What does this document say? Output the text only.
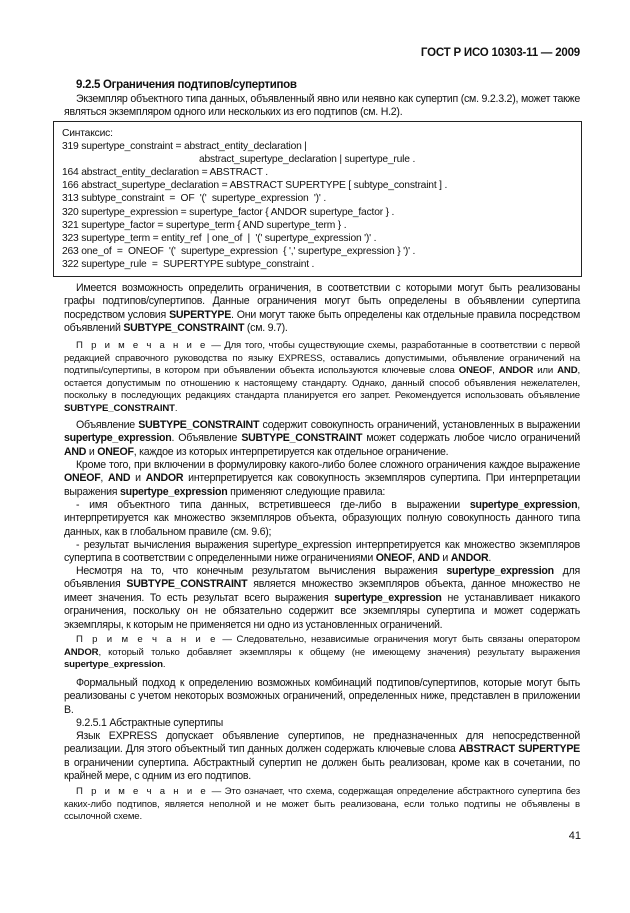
ГОСТ Р ИСО 10303-11 — 2009
9.2.5 Ограничения подтипов/супертипов
Экземпляр объектного типа данных, объявленный явно или неявно как супертип (см. 9.2.3.2), может также являться экземпляром одного или нескольких из его подтипов (см. Н.2).
Синтаксис:
319 supertype_constraint = abstract_entity_declaration |
abstract_supertype_declaration | supertype_rule .
164 abstract_entity_declaration = ABSTRACT .
166 abstract_supertype_declaration = ABSTRACT SUPERTYPE [ subtype_constraint ] .
313 subtype_constraint  =  OF  '('  supertype_expression  ')' .
320 supertype_expression = supertype_factor { ANDOR supertype_factor } .
321 supertype_factor = supertype_term { AND supertype_term } .
323 supertype_term = entity_ref  | one_of  |  '(' supertype_expression ')' .
263 one_of  =  ONEOF  '('  supertype_expression  { ',' supertype_expression } ')' .
322 supertype_rule  =  SUPERTYPE subtype_constraint .
Имеется возможность определить ограничения, в соответствии с которыми могут быть реализованы графы подтипов/супертипов. Данные ограничения могут быть определены в объявлении супертипа посредством условия SUPERTYPE. Они могут также быть определены как отдельные правила посредством объявлений SUBTYPE_CONSTRAINT (см. 9.7).
П р и м е ч а н и е — Для того, чтобы существующие схемы, разработанные в соответствии с первой редакцией справочного руководства по языку EXPRESS, оставались допустимыми, объявление ограничений на подтипы/супертипы, в котором при объявлении объекта используются ключевые слова ONEOF, ANDOR или AND, остается допустимым по отношению к настоящему стандарту. Однако, данный способ объявления нежелателен, поскольку в последующих редакциях стандарта планируется его запрет. Рекомендуется использовать объявление SUBTYPE_CONSTRAINT.
Объявление SUBTYPE_CONSTRAINT содержит совокупность ограничений, установленных в выражении supertype_expression. Объявление SUBTYPE_CONSTRAINT может содержать любое число ограничений AND и ONEOF, каждое из которых интерпретируется как отдельное ограничение.
Кроме того, при включении в формулировку какого-либо более сложного ограничения каждое выражение ONEOF, AND и ANDOR интерпретируется как совокупность экземпляров супертипа. При интерпретации выражения supertype_expression применяют следующие правила:
- имя объектного типа данных, встретившееся где-либо в выражении supertype_expression, интерпретируется как множество экземпляров объекта, образующих полную совокупность данного типа данных, как в глобальном правиле (см. 9.6);
- результат вычисления выражения supertype_expression интерпретируется как множество экземпляров супертипа в соответствии с определенными ниже ограничениями ONEOF, AND и ANDOR.
Несмотря на то, что конечным результатом вычисления выражения supertype_expression для объявления SUBTYPE_CONSTRAINT является множество экземпляров объекта, данное множество не имеет значения. То есть результат всего выражения supertype_expression не устанавливает никакого ограничения, поскольку он не обязательно содержит все экземпляры супертипа и может содержать экземпляры, к которым не применяется ни одно из установленных ограничений.
П р и м е ч а н и е — Следовательно, независимые ограничения могут быть связаны оператором ANDOR, который только добавляет экземпляры к общему (не имеющему значения) результату выражения supertype_expression.
Формальный подход к определению возможных комбинаций подтипов/супертипов, которые могут быть реализованы с учетом некоторых возможных ограничений, определенных ниже, представлен в приложении В.
9.2.5.1 Абстрактные супертипы
Язык EXPRESS допускает объявление супертипов, не предназначенных для непосредственной реализации. Для этого объектный тип данных должен содержать ключевые слова ABSTRACT SUPERTYPE в ограничении супертипа. Абстрактный супертип не должен быть реализован, кроме как в сочетании, по крайней мере, с одним из его подтипов.
П р и м е ч а н и е — Это означает, что схема, содержащая определение абстрактного супертипа без каких-либо подтипов, является неполной и не может быть реализована, если только подтипы не объявлены в ссылочной схеме.
41
